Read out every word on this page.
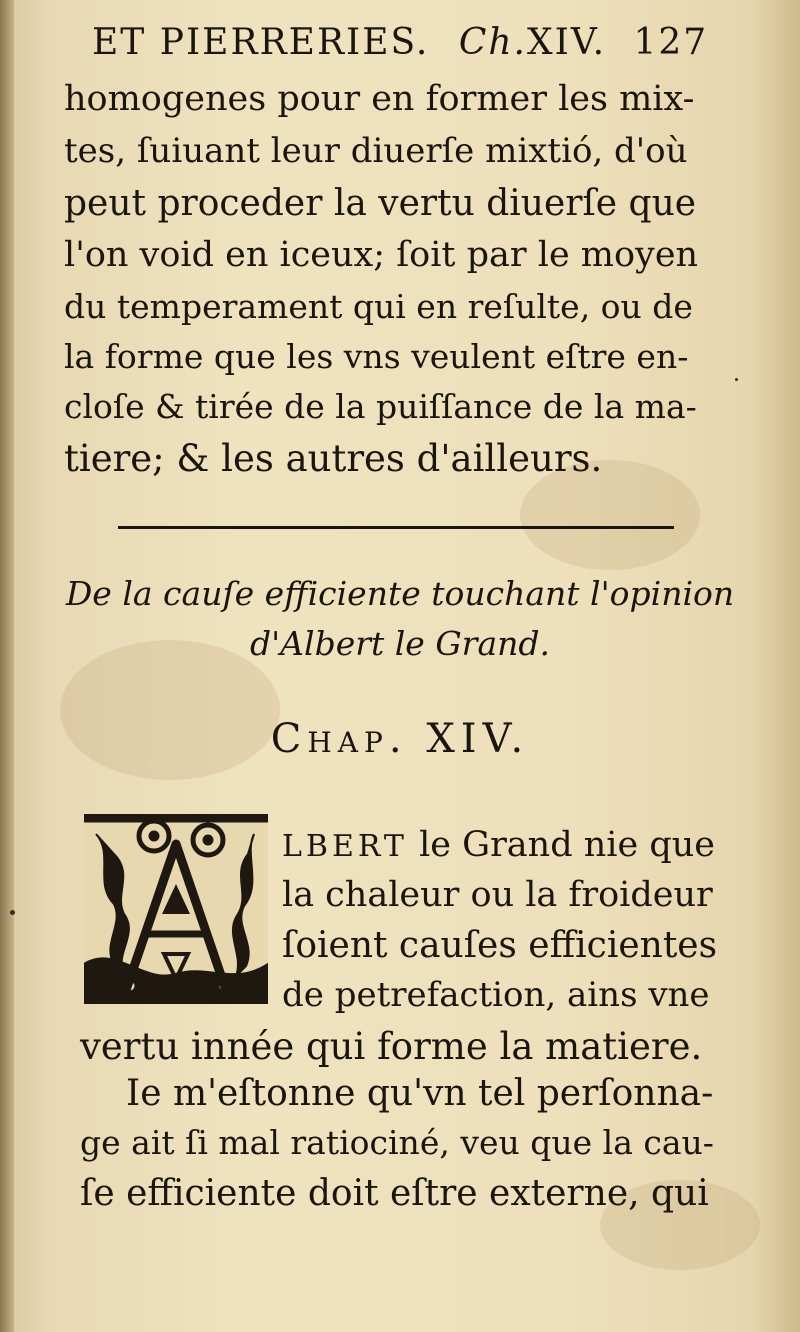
ET PIERRERIES. Ch.XIV. 127
homogenes pour en former les mix-
tes, ſuiuant leur diuerſe mixtió, d'où
peut proceder la vertu diuerſe que
l'on void en iceux; ſoit par le moyen
du temperament qui en reſulte, ou de
la forme que les vns veulent eſtre en-
cloſe & tirée de la puiſſance de la ma-
tiere; & les autres d'ailleurs.
De la cauſe efficiente touchant l'opinion
d'Albert le Grand.
Chap. XIV.
LBERT le Grand nie que
la chaleur ou la froideur
ſoient cauſes efficientes
de petrefaction, ains vne
vertu innée qui forme la matiere.
Ie m'eſtonne qu'vn tel perſonna-
ge ait ſi mal ratiociné, veu que la cau-
ſe efficiente doit eſtre externe, qui
